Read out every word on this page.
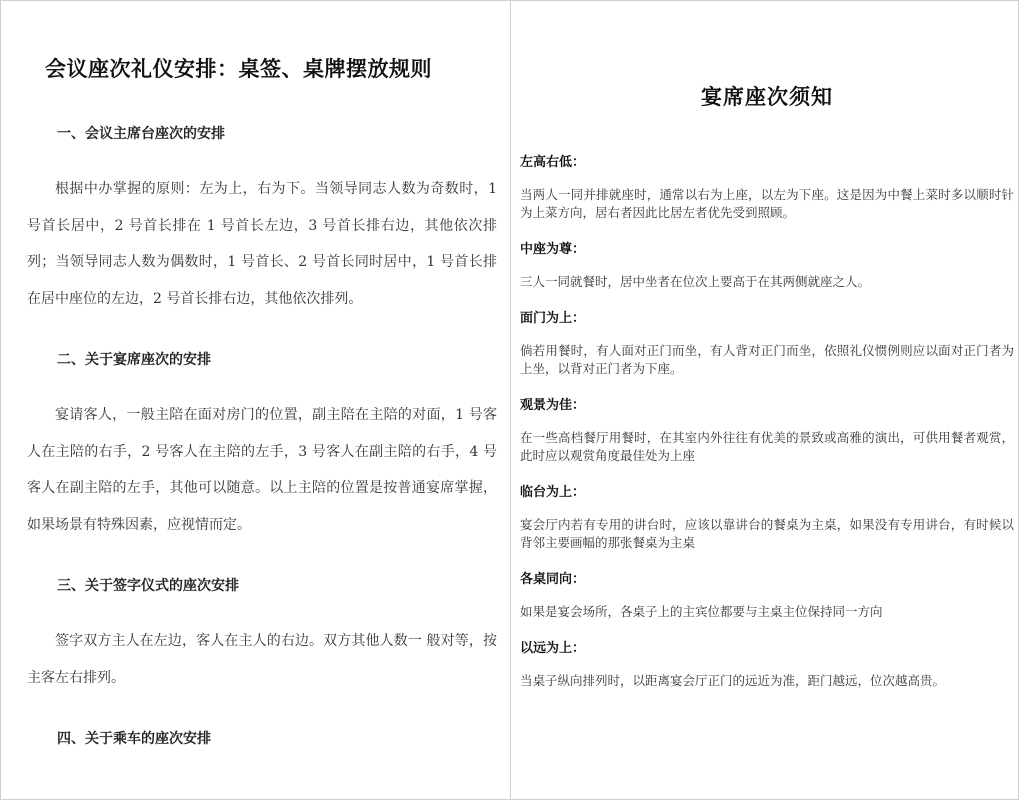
会议座次礼仪安排：桌签、桌牌摆放规则
一、会议主席台座次的安排

根据中办掌握的原则：左为上，右为下。当领导同志人数为奇数时，1 号首长居中，2 号首长排在 1 号首长左边，3 号首长排右边，其他依次排列；当领导同志人数为偶数时，1 号首长、2 号首长同时居中，1 号首长排在居中座位的左边，2 号首长排右边，其他依次排列。

二、关于宴席座次的安排

宴请客人，一般主陪在面对房门的位置，副主陪在主陪的对面，1 号客人在主陪的右手，2 号客人在主陪的左手，3 号客人在副主陪的右手，4 号客人在副主陪的左手，其他可以随意。以上主陪的位置是按普通宴席掌握，如果场景有特殊因素，应视情而定。

三、关于签字仪式的座次安排

签字双方主人在左边，客人在主人的右边。双方其他人数一 般对等，按主客左右排列。

四、关于乘车的座次安排
宴席座次须知
左高右低：

当两人一同并排就座时，通常以右为上座，以左为下座。这是因为中餐上菜时多以顺时针为上菜方向，居右者因此比居左者优先受到照顾。

中座为尊：

三人一同就餐时，居中坐者在位次上要高于在其两侧就座之人。

面门为上：

倘若用餐时，有人面对正门而坐，有人背对正门而坐，依照礼仪惯例则应以面对正门者为上坐，以背对正门者为下座。

观景为佳：

在一些高档餐厅用餐时，在其室内外往往有优美的景致或高雅的演出，可供用餐者观赏，此时应以观赏角度最佳处为上座

临台为上：

宴会厅内若有专用的讲台时，应该以靠讲台的餐桌为主桌，如果没有专用讲台，有时候以背邻主要画幅的那张餐桌为主桌

各桌同向：

如果是宴会场所，各桌子上的主宾位都要与主桌主位保持同一方向

以远为上：

当桌子纵向排列时，以距离宴会厅正门的远近为准，距门越远，位次越高贵。
